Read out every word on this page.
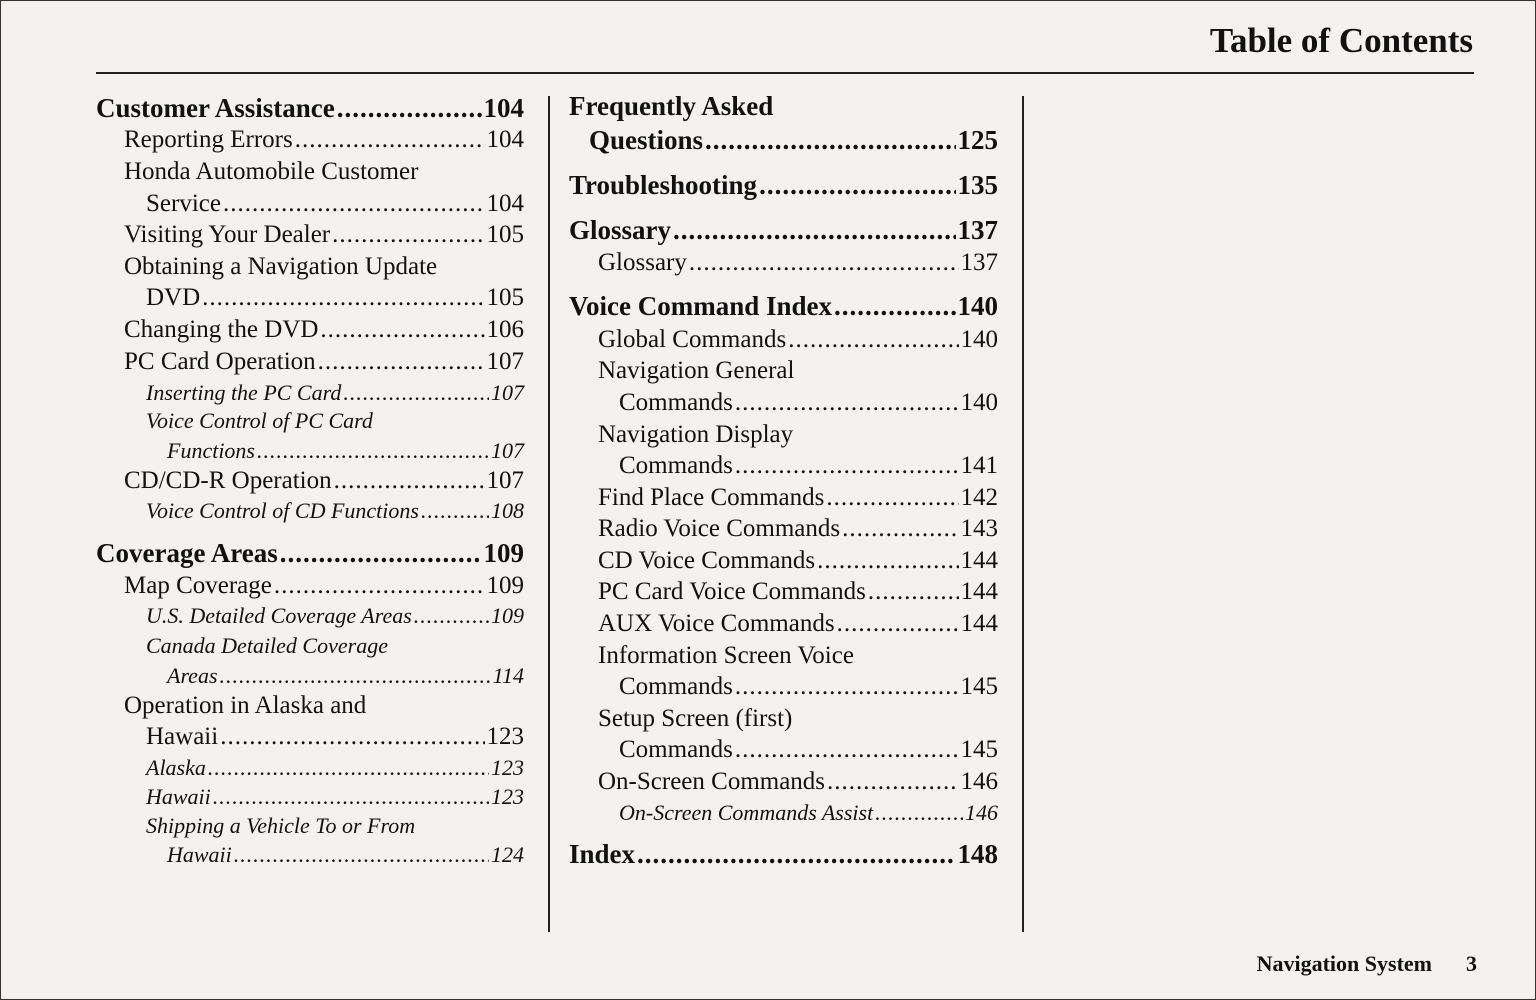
Table of Contents
Customer Assistance .....	104
Reporting Errors .....	104
Honda Automobile Customer
Service .....	104
Visiting Your Dealer .....	105
Obtaining a Navigation Update
DVD .....	105
Changing the DVD .....	106
PC Card Operation .....	107
Inserting the PC Card .....	107
Voice Control of PC Card
Functions .....	107
CD/CD-R Operation .....	107
Voice Control of CD Functions .....	108
Coverage Areas .....	109
Map Coverage .....	109
U.S. Detailed Coverage Areas .....	109
Canada Detailed Coverage
Areas .....	114
Operation in Alaska and
Hawaii .....	123
Alaska .....	123
Hawaii .....	123
Shipping a Vehicle To or From
Hawaii .....	124
Frequently Asked
Questions .....	125
Troubleshooting .....	135
Glossary .....	137
Glossary .....	137
Voice Command Index .....	140
Global Commands .....	140
Navigation General
Commands .....	140
Navigation Display
Commands .....	141
Find Place Commands .....	142
Radio Voice Commands .....	143
CD Voice Commands .....	144
PC Card Voice Commands .....	144
AUX Voice Commands .....	144
Information Screen Voice
Commands .....	145
Setup Screen (first)
Commands .....	145
On-Screen Commands .....	146
On-Screen Commands Assist .....	146
Index .....	148
Navigation System 3
